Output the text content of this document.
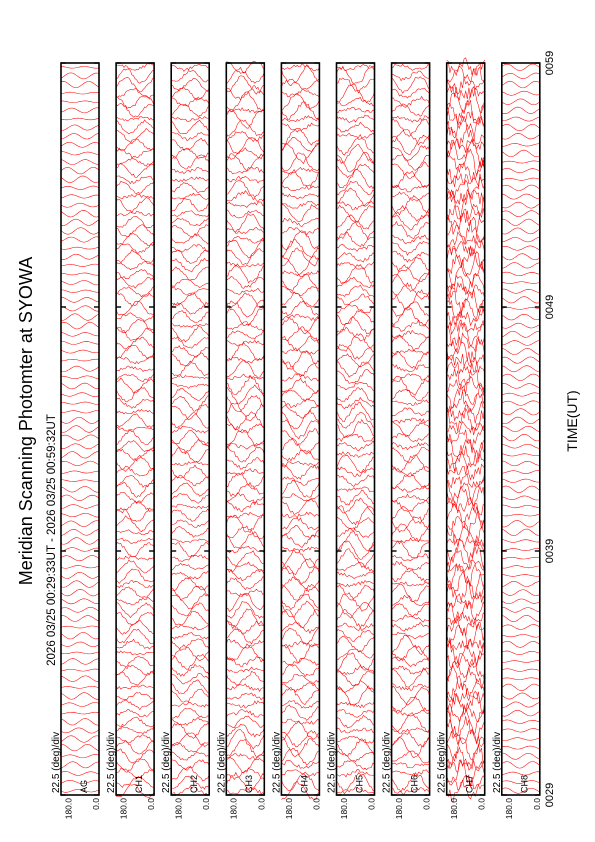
Meridian Scanning Photomter at SYOWA 2026 03/25 00:29:33UT - 2026 03/25 00:59:32UT	TIME(UT)
180.0 0.0
AG
22.5 (deg)/div
180.0 0.0
CH1
22.5 (deg)/div
180.0 0.0
CH2
22.5 (deg)/div
180.0 0.0
CH3
22.5 (deg)/div
180.0 0.0
CH4
22.5 (deg)/div
180.0 0.0
CH5
22.5 (deg)/div
180.0 0.0
CH6
22.5 (deg)/div
180.0 0.0
CH7
22.5 (deg)/div
180.0 0.0
CH8
22.5 (deg)/div
0029
0039
0049
0059
